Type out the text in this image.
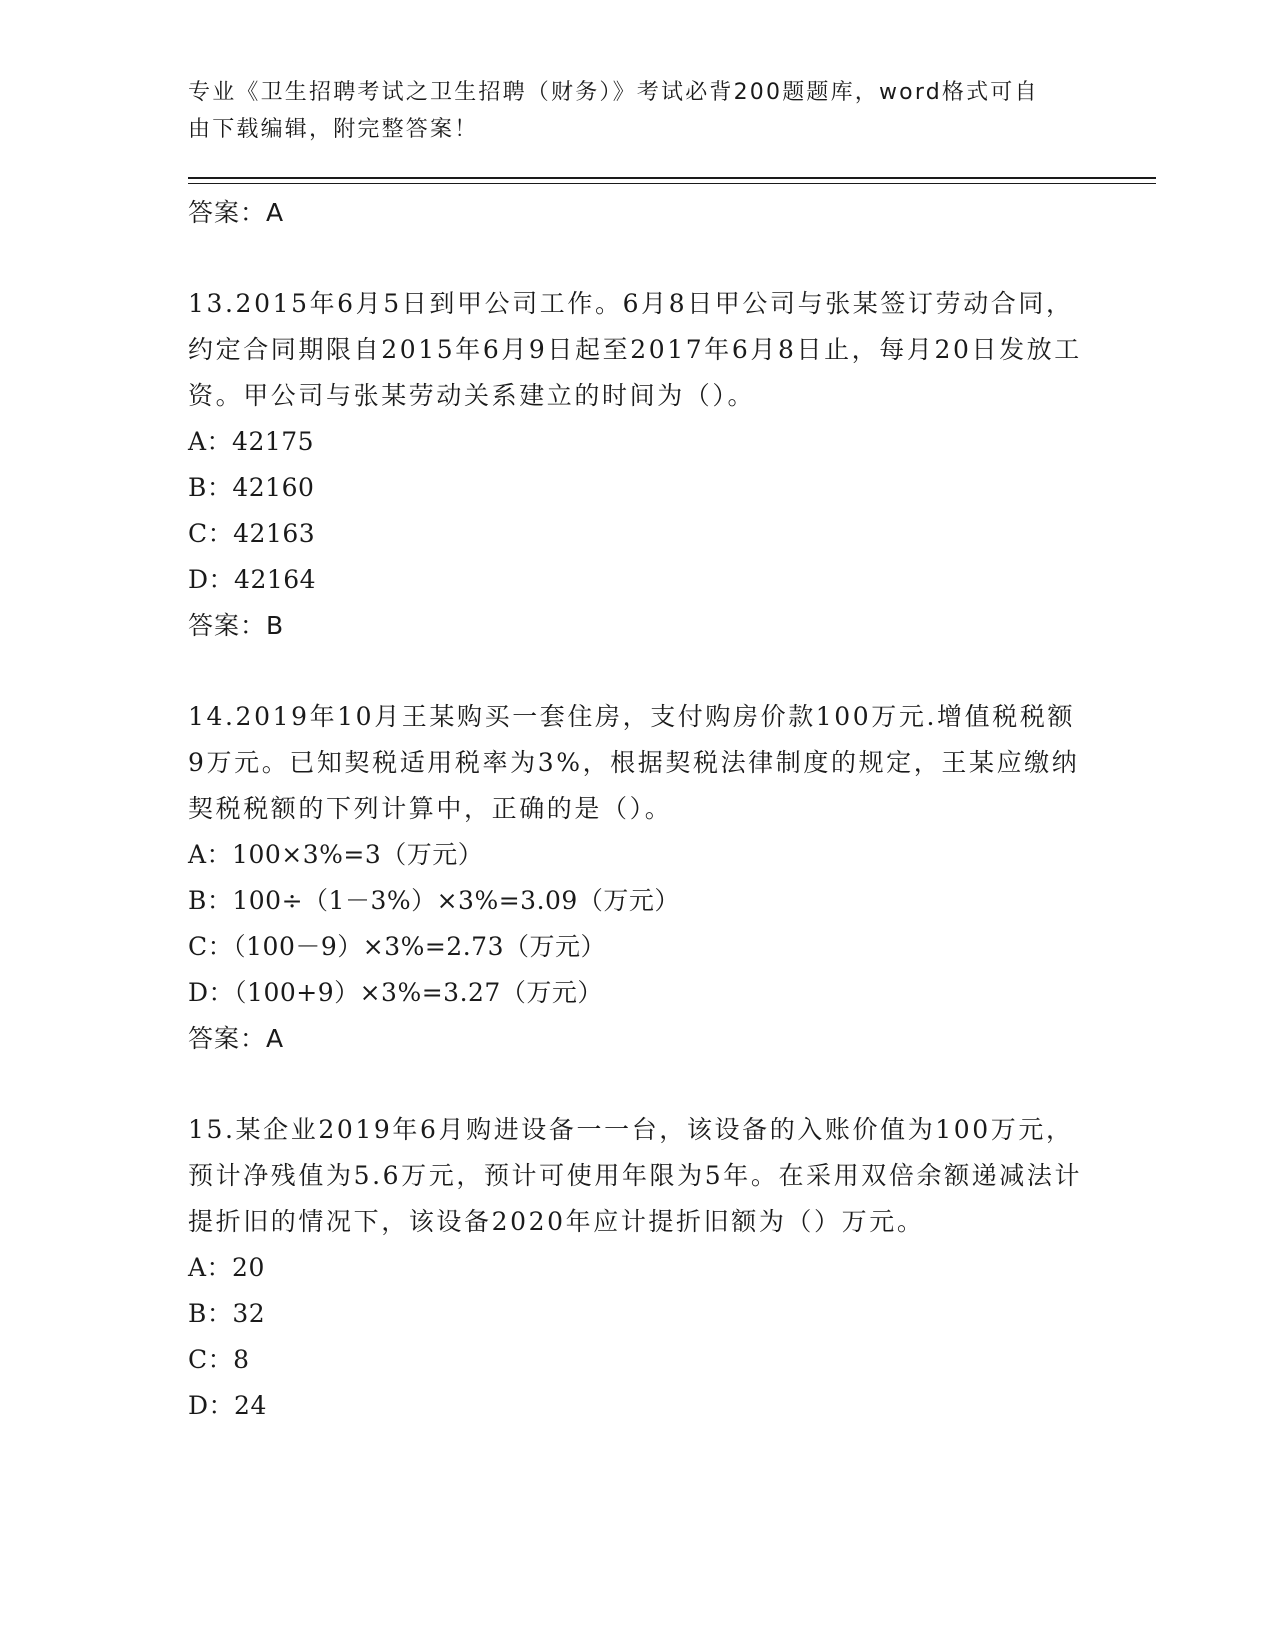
专业《卫生招聘考试之卫生招聘（财务）》考试必背200题题库，word格式可自
由下载编辑，附完整答案！
答案：A
13.2015年6月5日到甲公司工作。6月8日甲公司与张某签订劳动合同，约定合同期限自2015年6月9日起至2017年6月8日止，每月20日发放工资。甲公司与张某劳动关系建立的时间为（）。
A：42175
B：42160
C：42163
D：42164
答案：B
14.2019年10月王某购买一套住房，支付购房价款100万元.增值税税额9万元。已知契税适用税率为3%，根据契税法律制度的规定，王某应缴纳契税税额的下列计算中，正确的是（）。
A：100×3%=3（万元）
B：100÷（1－3%）×3%=3.09（万元）
C：（100－9）×3%=2.73（万元）
D：（100+9）×3%=3.27（万元）
答案：A
15.某企业2019年6月购进设备一一台，该设备的入账价值为100万元，预计净残值为5.6万元，预计可使用年限为5年。在采用双倍余额递减法计提折旧的情况下，该设备2020年应计提折旧额为（）万元。
A：20
B：32
C：8
D：24
